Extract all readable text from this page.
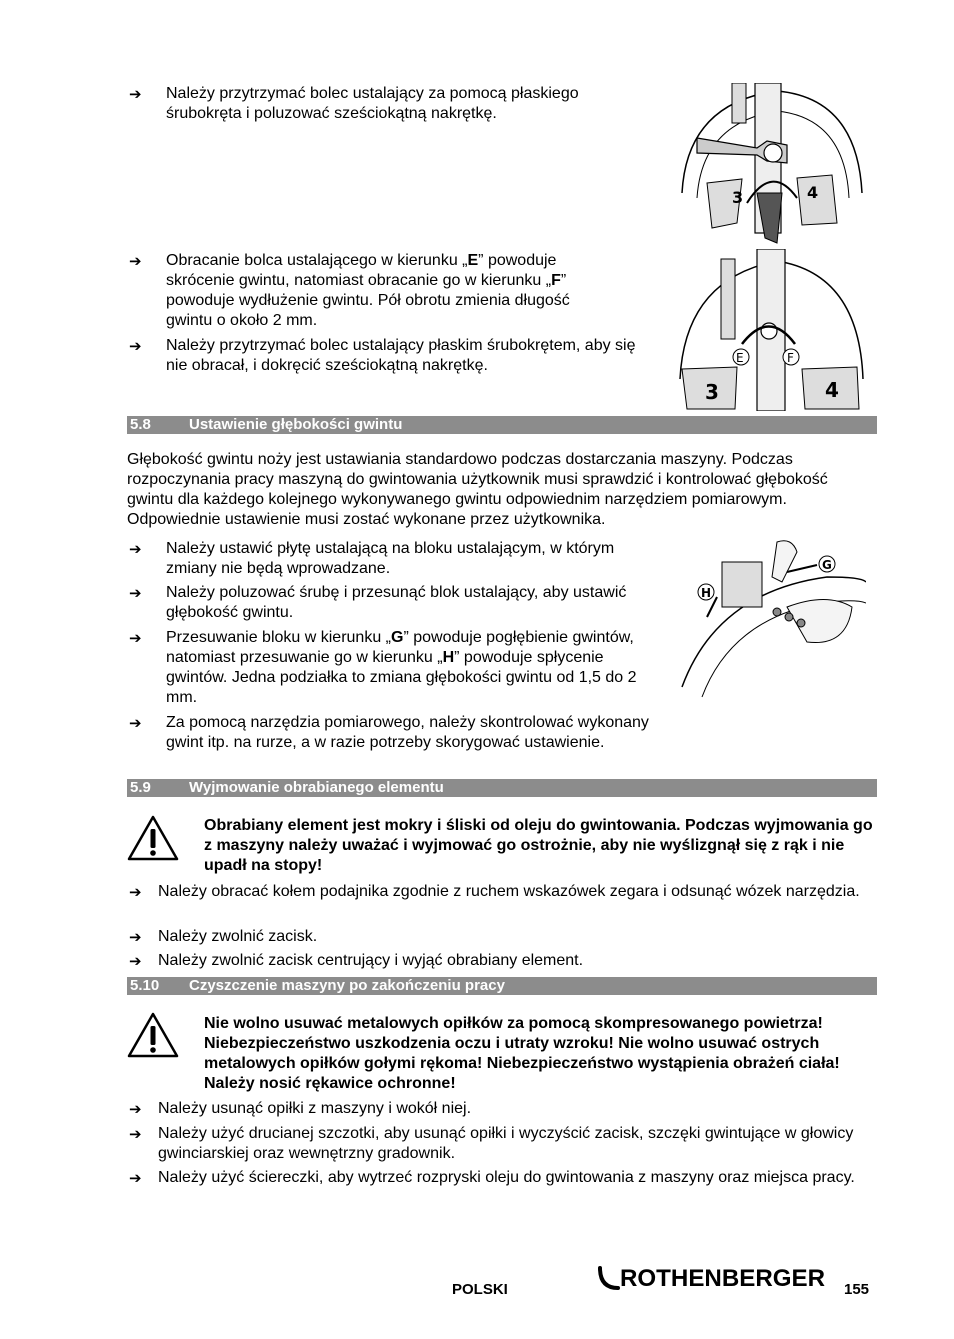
➔ Należy przytrzymać bolec ustalający za pomocą płaskiego śrubokręta i poluzować sześciokątną nakrętkę.
➔ Obracanie bolca ustalającego w kierunku „E” powoduje
skrócenie gwintu, natomiast obracanie go w kierunku „F”
powoduje wydłużenie gwintu. Pół obrotu zmienia długość
gwintu o około 2 mm.
➔ Należy przytrzymać bolec ustalający płaskim śrubokrętem, aby się nie obracał, i dokręcić sześciokątną nakrętkę.
3	4
E	F
3	4
5.8	Ustawienie głębokości gwintu
Głębokość gwintu noży jest ustawiania standardowo podczas dostarczania maszyny. Podczas rozpoczynania pracy maszyną do gwintowania użytkownik musi sprawdzić i kontrolować głębokość gwintu dla każdego kolejnego wykonywanego gwintu odpowiednim narzędziem pomiarowym. Odpowiednie ustawienie musi zostać wykonane przez użytkownika.
➔ Należy ustawić płytę ustalającą na bloku ustalającym, w którym zmiany nie będą wprowadzane.
➔ Należy poluzować śrubę i przesunąć blok ustalający, aby ustawić głębokość gwintu.
➔ Przesuwanie bloku w kierunku „G” powoduje pogłębienie gwintów, natomiast przesuwanie go w kierunku „H” powoduje spłycenie gwintów. Jedna podziałka to zmiana głębokości gwintu od 1,5 do 2 mm.
➔ Za pomocą narzędzia pomiarowego, należy skontrolować wykonany gwint itp. na rurze, a w razie potrzeby skorygować ustawienie.
H
G
5.9	Wyjmowanie obrabianego elementu
Obrabiany element jest mokry i śliski od oleju do gwintowania. Podczas wyjmowania go z maszyny należy uważać i wyjmować go ostrożnie, aby nie wyślizgnął się z rąk i nie upadł na stopy!
➔ Należy obracać kołem podajnika zgodnie z ruchem wskazówek zegara i odsunąć wózek narzędzia.
➔ Należy zwolnić zacisk.
➔ Należy zwolnić zacisk centrujący i wyjąć obrabiany element.
5.10 Czyszczenie maszyny po zakończeniu pracy
Nie wolno usuwać metalowych opiłków za pomocą skompresowanego powietrza! Niebezpieczeństwo uszkodzenia oczu i utraty wzroku! Nie wolno usuwać ostrych metalowych opiłków gołymi rękoma! Niebezpieczeństwo wystąpienia obrażeń ciała! Należy nosić rękawice ochronne!
➔ Należy usunąć opiłki z maszyny i wokół niej.
➔ Należy użyć drucianej szczotki, aby usunąć opiłki i wyczyścić zacisk, szczęki gwintujące w głowicy gwinciarskiej oraz wewnętrzny gradownik.
➔ Należy użyć ściereczki, aby wytrzeć rozpryski oleju do gwintowania z maszyny oraz miejsca pracy.
POLSKI	ROTHENBERGER 155
